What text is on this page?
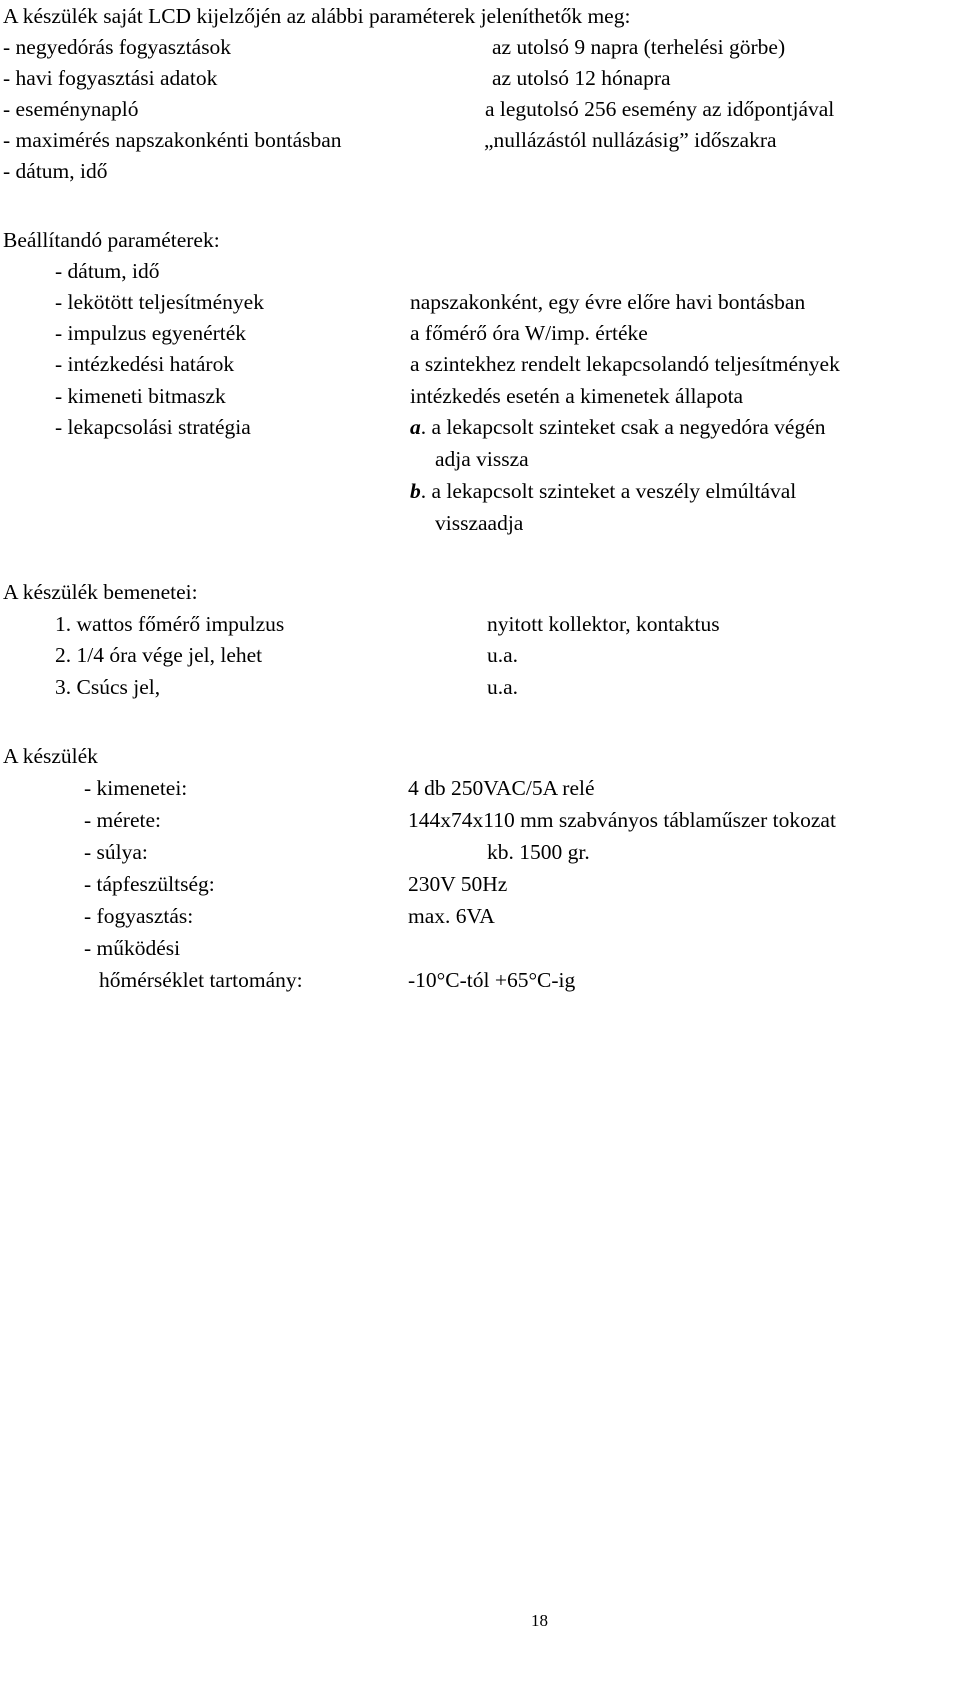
A készülék saját LCD kijelzőjén az alábbi paraméterek jeleníthetők meg:
- negyedórás fogyasztások	az utolsó 9 napra (terhelési görbe)
- havi fogyasztási adatok	az utolsó 12 hónapra
- eseménynapló	a legutolsó 256 esemény az időpontjával
- maximérés napszakonkénti bontásban	„nullázástól nullázásig” időszakra
- dátum, idő
Beállítandó paraméterek:
- dátum, idő
- lekötött teljesítmények	napszakonként, egy évre előre havi bontásban
- impulzus egyenérték	a főmérő óra W/imp. értéke
- intézkedési határok	a szintekhez rendelt lekapcsolandó teljesítmények
- kimeneti bitmaszk	intézkedés esetén a kimenetek állapota
- lekapcsolási stratégia	a. a lekapcsolt szinteket csak a negyedóra végén
adja vissza
b. a lekapcsolt szinteket a veszély elmúltával
visszaadja
A készülék bemenetei:
1. wattos főmérő impulzus	nyitott kollektor, kontaktus
2. 1/4 óra vége jel, lehet	u.a.
3. Csúcs jel,	u.a.
A készülék
- kimenetei:	4 db 250VAC/5A relé
- mérete:	144x74x110 mm szabványos táblaműszer tokozat
- súlya:	kb. 1500 gr.
- tápfeszültség:	230V 50Hz
- fogyasztás:	max. 6VA
- működési
hőmérséklet tartomány:	-10°C-tól +65°C-ig
18
